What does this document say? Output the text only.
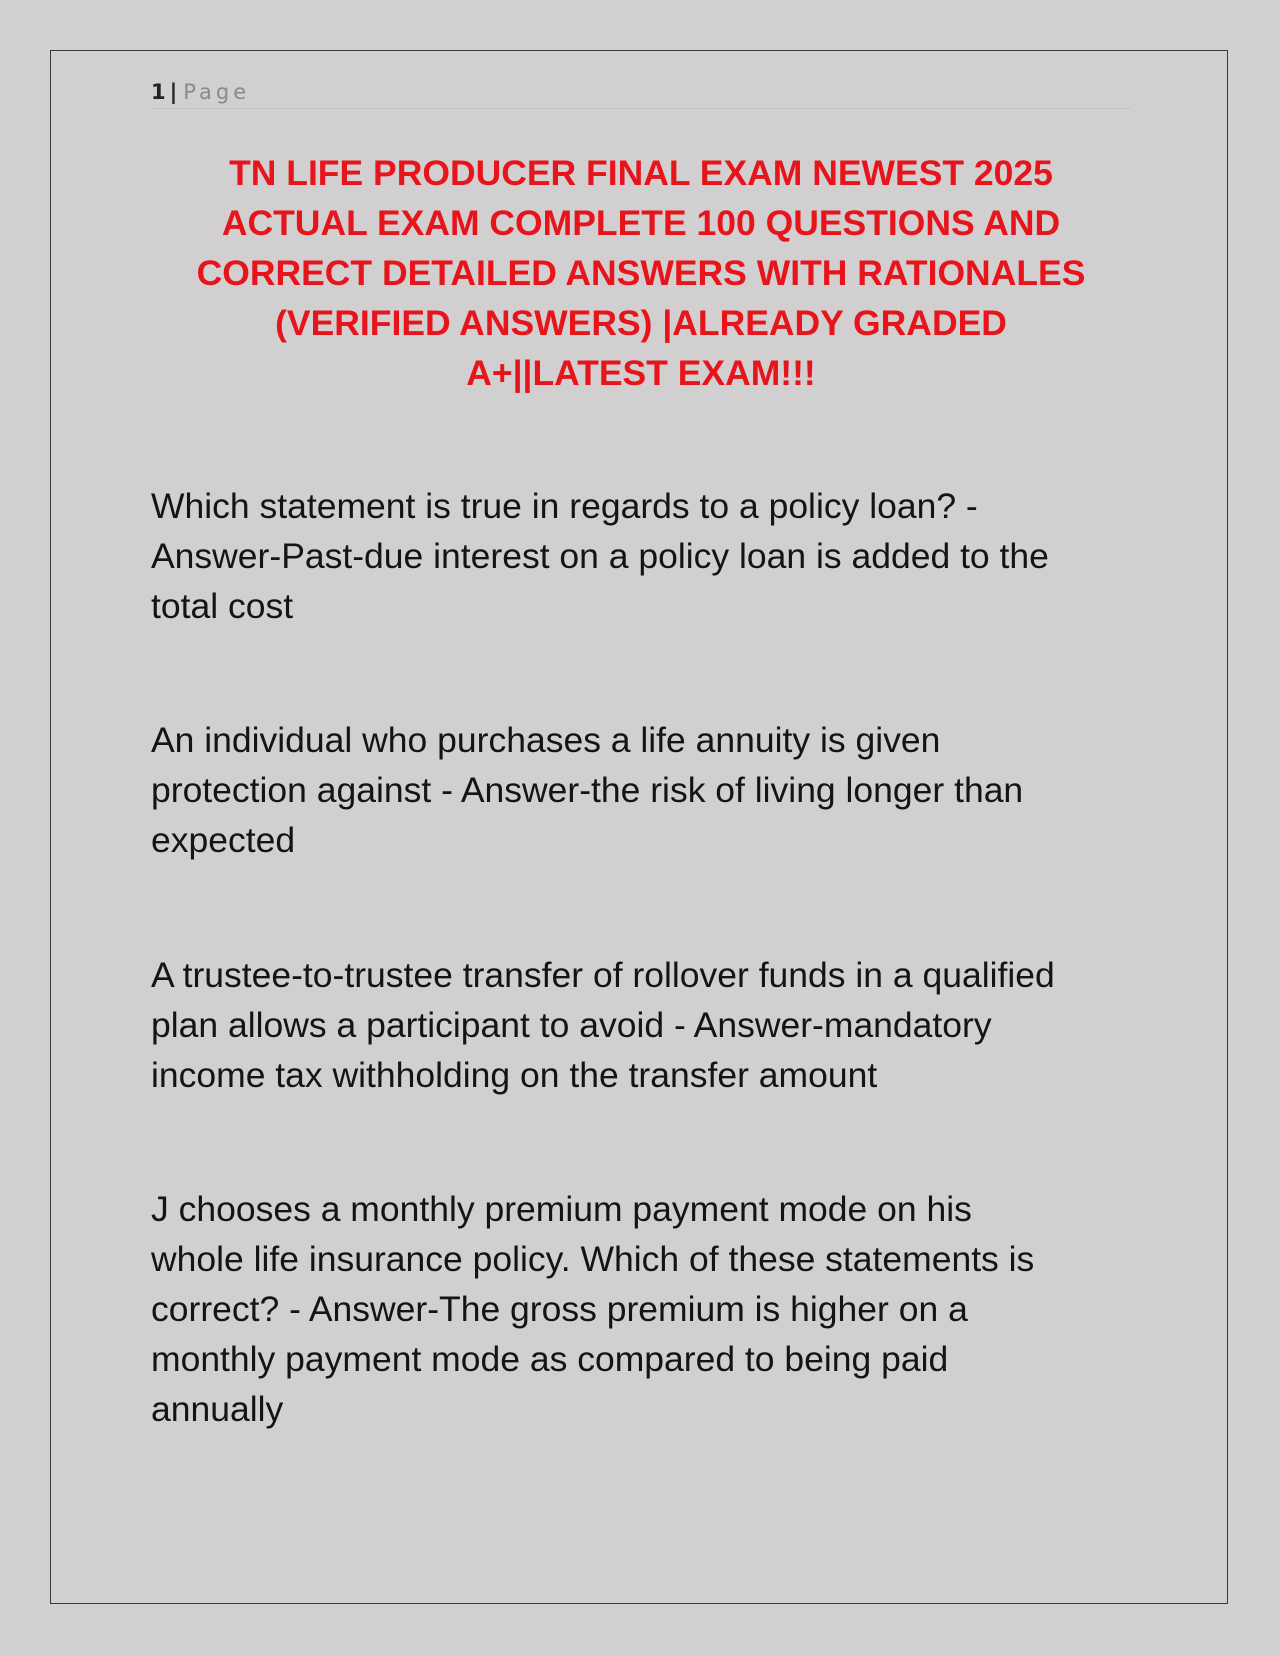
1 | Page
TN LIFE PRODUCER FINAL EXAM NEWEST 2025
ACTUAL EXAM COMPLETE 100 QUESTIONS AND
CORRECT DETAILED ANSWERS WITH RATIONALES
(VERIFIED ANSWERS) |ALREADY GRADED
A+||LATEST EXAM!!!

Which statement is true in regards to a policy loan? -
Answer-Past-due interest on a policy loan is added to the
total cost

An individual who purchases a life annuity is given
protection against - Answer-the risk of living longer than
expected

A trustee-to-trustee transfer of rollover funds in a qualified
plan allows a participant to avoid - Answer-mandatory
income tax withholding on the transfer amount

J chooses a monthly premium payment mode on his
whole life insurance policy. Which of these statements is
correct? - Answer-The gross premium is higher on a
monthly payment mode as compared to being paid
annually
